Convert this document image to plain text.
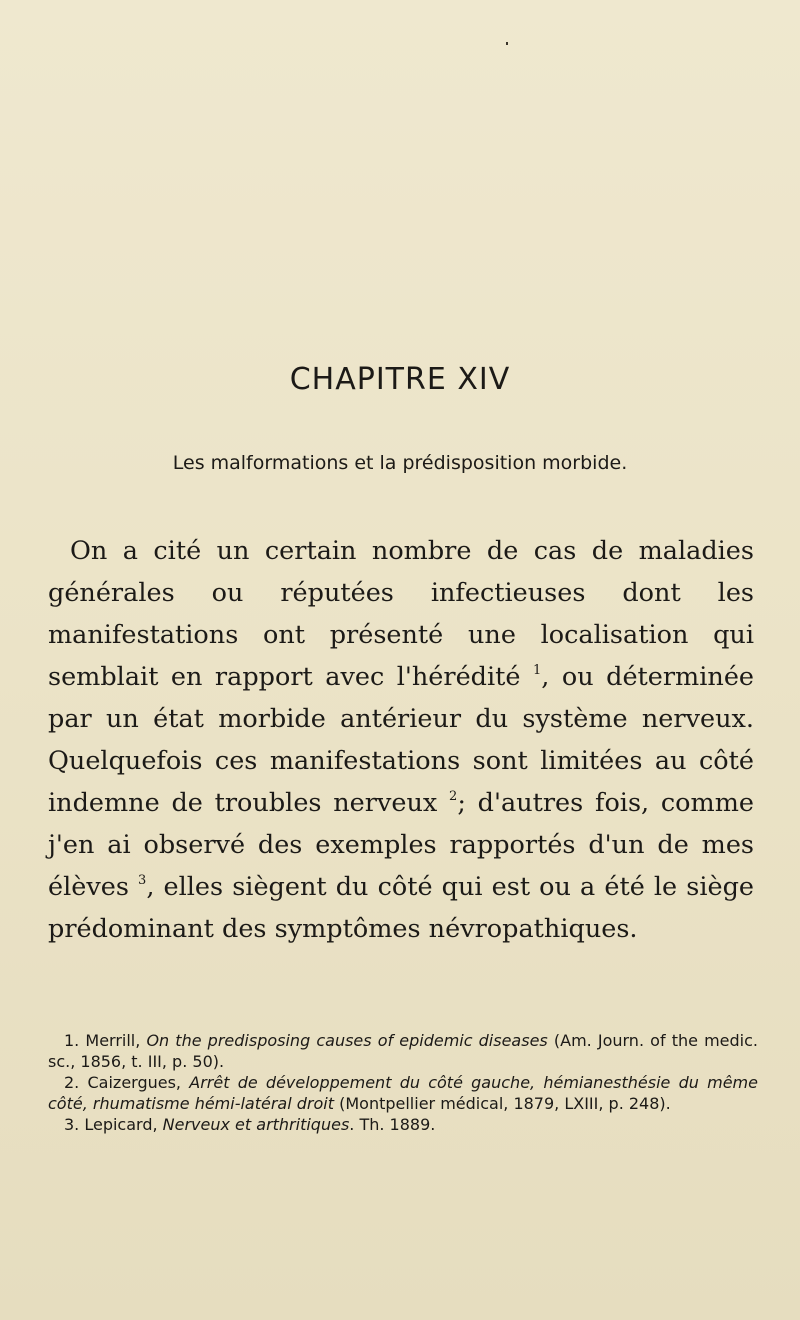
CHAPITRE XIV
Les malformations et la prédisposition morbide.
On a cité un certain nombre de cas de maladies générales ou réputées infectieuses dont les manifestations ont présenté une localisation qui semblait en rapport avec l'hérédité $^1$, ou déterminée par un état morbide antérieur du système nerveux. Quelquefois ces manifestations sont limitées au côté indemne de troubles nerveux $^2$; d'autres fois, comme j'en ai observé des exemples rapportés d'un de mes élèves $^3$, elles siègent du côté qui est ou a été le siège prédominant des symptômes névropathiques.
1. Merrill, On the predisposing causes of epidemic diseases (Am. Journ. of the medic. sc., 1856, t. III, p. 50).
2. Caizergues, Arrêt de développement du côté gauche, hémianesthésie du même côté, rhumatisme hémi-latéral droit (Montpellier médical, 1879, LXIII, p. 248).
3. Lepicard, Nerveux et arthritiques. Th. 1889.
